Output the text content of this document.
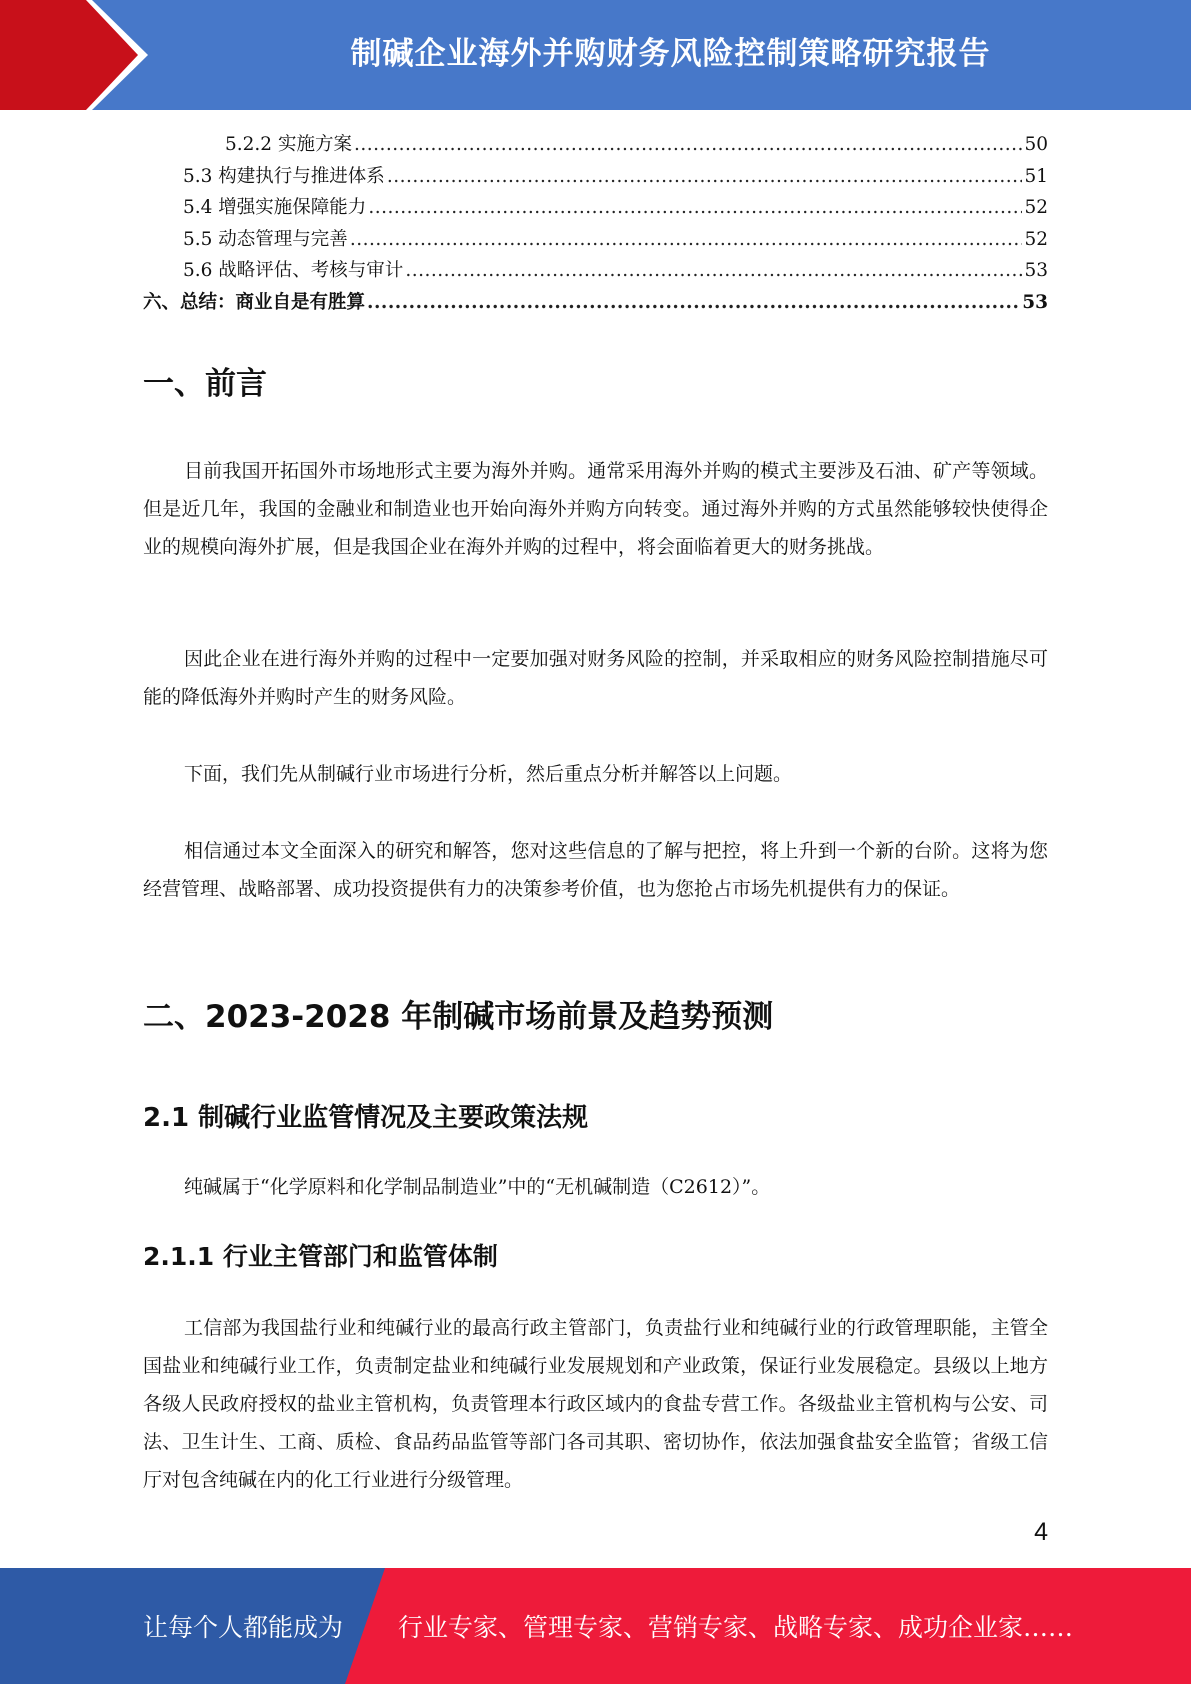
制碱企业海外并购财务风险控制策略研究报告
5.2.2 实施方案 .....	50
5.3 构建执行与推进体系 .....	51
5.4 增强实施保障能力 .....	52
5.5 动态管理与完善 .....	52
5.6 战略评估、考核与审计 .....	53
六、总结：商业自是有胜算 .....	53
一、前言

目前我国开拓国外市场地形式主要为海外并购。通常采用海外并购的模式主要涉及石油、矿产等领域。但是近几年，我国的金融业和制造业也开始向海外并购方向转变。通过海外并购的方式虽然能够较快使得企业的规模向海外扩展，但是我国企业在海外并购的过程中，将会面临着更大的财务挑战。

因此企业在进行海外并购的过程中一定要加强对财务风险的控制，并采取相应的财务风险控制措施尽可能的降低海外并购时产生的财务风险。

下面，我们先从制碱行业市场进行分析，然后重点分析并解答以上问题。

相信通过本文全面深入的研究和解答，您对这些信息的了解与把控，将上升到一个新的台阶。这将为您经营管理、战略部署、成功投资提供有力的决策参考价值，也为您抢占市场先机提供有力的保证。

二、2023-2028 年制碱市场前景及趋势预测
2.1 制碱行业监管情况及主要政策法规

纯碱属于“化学原料和化学制品制造业”中的“无机碱制造（C2612）”。

2.1.1 行业主管部门和监管体制

工信部为我国盐行业和纯碱行业的最高行政主管部门，负责盐行业和纯碱行业的行政管理职能，主管全国盐业和纯碱行业工作，负责制定盐业和纯碱行业发展规划和产业政策，保证行业发展稳定。县级以上地方各级人民政府授权的盐业主管机构，负责管理本行政区域内的食盐专营工作。各级盐业主管机构与公安、司法、卫生计生、工商、质检、食品药品监管等部门各司其职、密切协作，依法加强食盐安全监管；省级工信厅对包含纯碱在内的化工行业进行分级管理。

4
让每个人都能成为 行业专家、管理专家、营销专家、战略专家、成功企业家……
